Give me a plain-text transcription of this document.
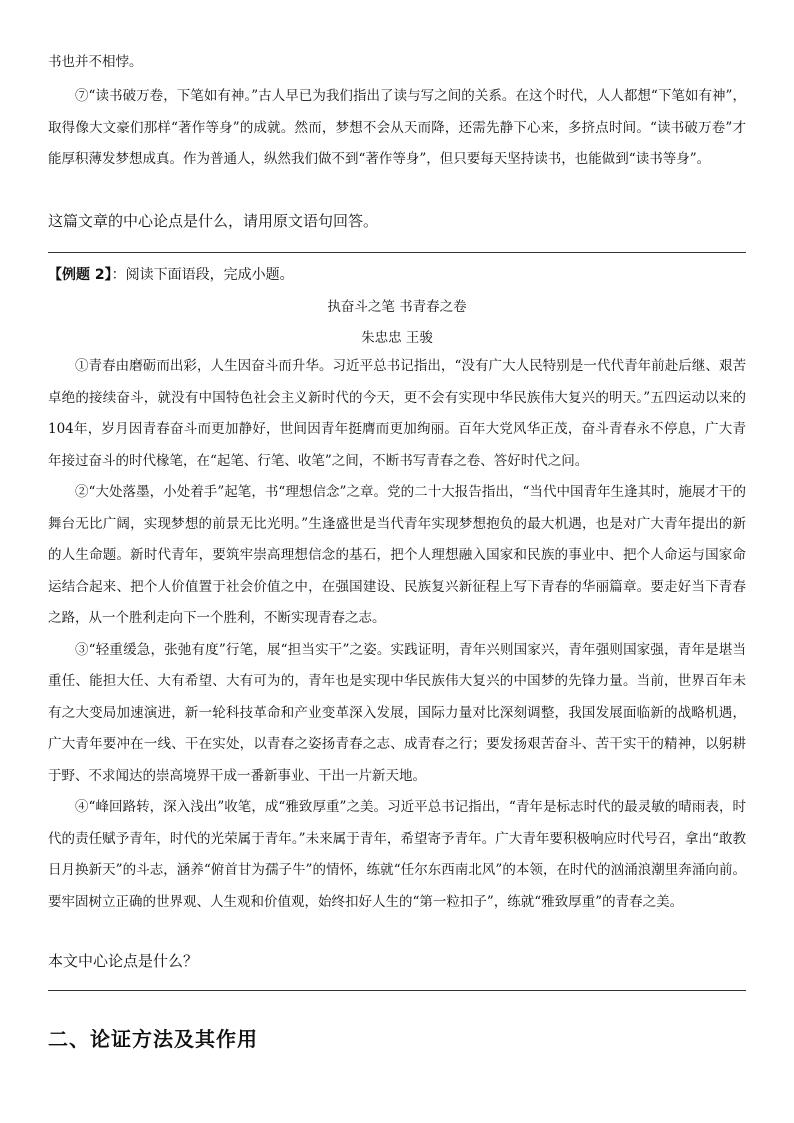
书也并不相悖。

⑦“读书破万卷，下笔如有神。”古人早已为我们指出了读与写之间的关系。在这个时代，人人都想“下笔如有神”，取得像大文豪们那样“著作等身”的成就。然而，梦想不会从天而降，还需先静下心来，多挤点时间。“读书破万卷”才能厚积薄发梦想成真。作为普通人，纵然我们做不到“著作等身”，但只要每天坚持读书，也能做到“读书等身”。

这篇文章的中心论点是什么，请用原文语句回答。

【例题 2】：阅读下面语段，完成小题。

执奋斗之笔 书青春之卷

朱忠忠 王骏

①青春由磨砺而出彩，人生因奋斗而升华。习近平总书记指出，“没有广大人民特别是一代代青年前赴后继、艰苦卓绝的接续奋斗，就没有中国特色社会主义新时代的今天，更不会有实现中华民族伟大复兴的明天。”五四运动以来的104年，岁月因青春奋斗而更加静好，世间因青年挺膺而更加绚丽。百年大党风华正茂，奋斗青春永不停息，广大青年接过奋斗的时代椽笔，在“起笔、行笔、收笔”之间，不断书写青春之卷、答好时代之问。

②“大处落墨，小处着手”起笔，书“理想信念”之章。党的二十大报告指出，“当代中国青年生逢其时，施展才干的舞台无比广阔，实现梦想的前景无比光明。”生逢盛世是当代青年实现梦想抱负的最大机遇，也是对广大青年提出的新的人生命题。新时代青年，要筑牢崇高理想信念的基石，把个人理想融入国家和民族的事业中、把个人命运与国家命运结合起来、把个人价值置于社会价值之中，在强国建设、民族复兴新征程上写下青春的华丽篇章。要走好当下青春之路，从一个胜利走向下一个胜利，不断实现青春之志。

③“轻重缓急，张弛有度”行笔，展“担当实干”之姿。实践证明，青年兴则国家兴，青年强则国家强，青年是堪当重任、能担大任、大有希望、大有可为的，青年也是实现中华民族伟大复兴的中国梦的先锋力量。当前，世界百年未有之大变局加速演进，新一轮科技革命和产业变革深入发展，国际力量对比深刻调整，我国发展面临新的战略机遇，广大青年要冲在一线、干在实处，以青春之姿扬青春之志、成青春之行；要发扬艰苦奋斗、苦干实干的精神，以躬耕于野、不求闻达的崇高境界干成一番新事业、干出一片新天地。

④“峰回路转，深入浅出”收笔，成“雅致厚重”之美。习近平总书记指出，“青年是标志时代的最灵敏的晴雨表，时代的责任赋予青年，时代的光荣属于青年。”未来属于青年，希望寄予青年。广大青年要积极响应时代号召，拿出“敢教日月换新天”的斗志，涵养“俯首甘为孺子牛”的情怀，练就“任尔东西南北风”的本领，在时代的汹涌浪潮里奔涌向前。要牢固树立正确的世界观、人生观和价值观，始终扣好人生的“第一粒扣子”，练就“雅致厚重”的青春之美。

本文中心论点是什么？

二、论证方法及其作用
